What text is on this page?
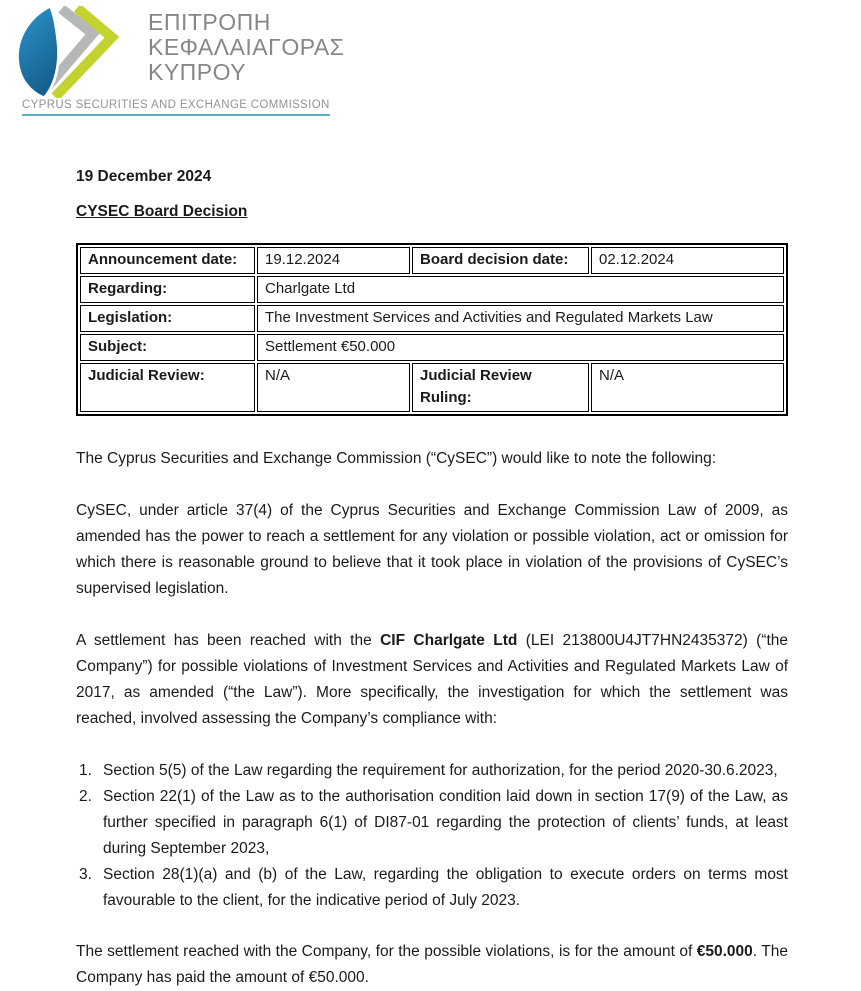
ΕΠΙΤΡΟΠΗ
ΚΕΦΑΛΑΙΑΓΟΡΑΣ
ΚΥΠΡΟΥ
CYPRUS SECURITIES AND EXCHANGE COMMISSION

19 December 2024

CYSEC Board Decision
Announcement date:	19.12.2024	Board decision date:	02.12.2024
Regarding:	Charlgate Ltd		
Legislation:	The Investment Services and Activities and Regulated Markets Law		
Subject:	Settlement €50.000		
Judicial Review:	N/A	Judicial Review Ruling:	N/A

The Cyprus Securities and Exchange Commission (“CySEC”) would like to note the following:

CySEC, under article 37(4) of the Cyprus Securities and Exchange Commission Law of 2009, as amended has the power to reach a settlement for any violation or possible violation, act or omission for which there is reasonable ground to believe that it took place in violation of the provisions of CySEC’s supervised legislation.

A settlement has been reached with the CIF Charlgate Ltd (LEI 213800U4JT7HN2435372) (“the Company”) for possible violations of Investment Services and Activities and Regulated Markets Law of 2017, as amended (“the Law”). More specifically, the investigation for which the settlement was reached, involved assessing the Company’s compliance with:

1. Section 5(5) of the Law regarding the requirement for authorization, for the period 2020-30.6.2023,
2. Section 22(1) of the Law as to the authorisation condition laid down in section 17(9) of the Law, as further specified in paragraph 6(1) of DI87-01 regarding the protection of clients’ funds, at least during September 2023,
3. Section 28(1)(a) and (b) of the Law, regarding the obligation to execute orders on terms most favourable to the client, for the indicative period of July 2023.

The settlement reached with the Company, for the possible violations, is for the amount of €50.000. The Company has paid the amount of €50.000.
